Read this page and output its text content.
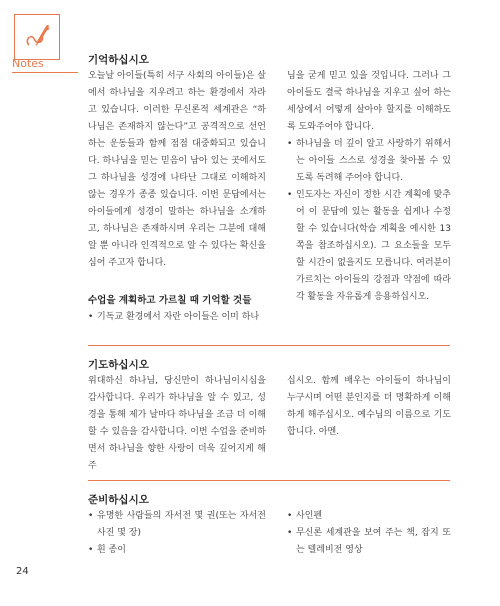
Notes	기억하십시오

오늘날 아이들(특히 서구 사회의 아이들)은 살에서 하나님을 지우려고 하는 환경에서 자라고 있습니다. 이러한 무신론적 세계관은 “하나님은 존재하지 않는다”고 공격적으로 선언하는 운동들과 함께 점점 대중화되고 있습니다. 하나님을 믿는 믿음이 남아 있는 곳에서도 그 하나님을 성경에 나타난 그대로 이해하지 않는 경우가 종종 있습니다. 이번 문답에서는 아이들에게 성경이 말하는 하나님을 소개하고, 하나님은 존재하시며 우리는 그분에 대해 알 뿐 아니라 인격적으로 알 수 있다는 확신을 심어 주고자 합니다.

수업을 계획하고 가르칠 때 기억할 것들
• 기독교 환경에서 자란 아이들은 이미 하나

님을 굳게 믿고 있을 것입니다. 그러나 그 아이들도 결국 하나님을 지우고 싶어 하는 세상에서 어떻게 살아야 할지를 이해하도록 도와주어야 합니다.

• 하나님을 더 깊이 알고 사랑하기 위해서는 아이들 스스로 성경을 찾아볼 수 있도록 독려해 주어야 합니다.
• 인도자는 자신이 정한 시간 계획에 맞추어 이 문답에 있는 활동을 쉽게나 수정할 수 있습니다(학습 계획을 예시한 13쪽을 참조하십시오). 그 요소들을 모두 할 시간이 없을지도 모릅니다. 여러분이 가르치는 아이들의 강점과 약점에 따라 각 활동을 자유롭게 응용하십시오.
기도하십시오

위대하신 하나님, 당신만이 하나님이시심을 감사합니다. 우리가 하나님을 알 수 있고, 성경을 통해 제가 날마다 하나님을 조금 더 이해할 수 있음을 감사합니다. 이번 수업을 준비하면서 하나님을 향한 사랑이 더욱 깊어지게 해주

십시오. 함께 배우는 아이들이 하나님이 누구시며 어떤 분인지를 더 명확하게 이해하게 해주십시오. 예수님의 이름으로 기도합니다. 아멘.

준비하십시오
• 유명한 사람들의 자서전 몇 권(또는 자서전 사진 몇 장)
• 흰 종이
• 사인펜
• 무신론 세계관을 보여 주는 책, 잡지 또는 텔레비전 영상
24
